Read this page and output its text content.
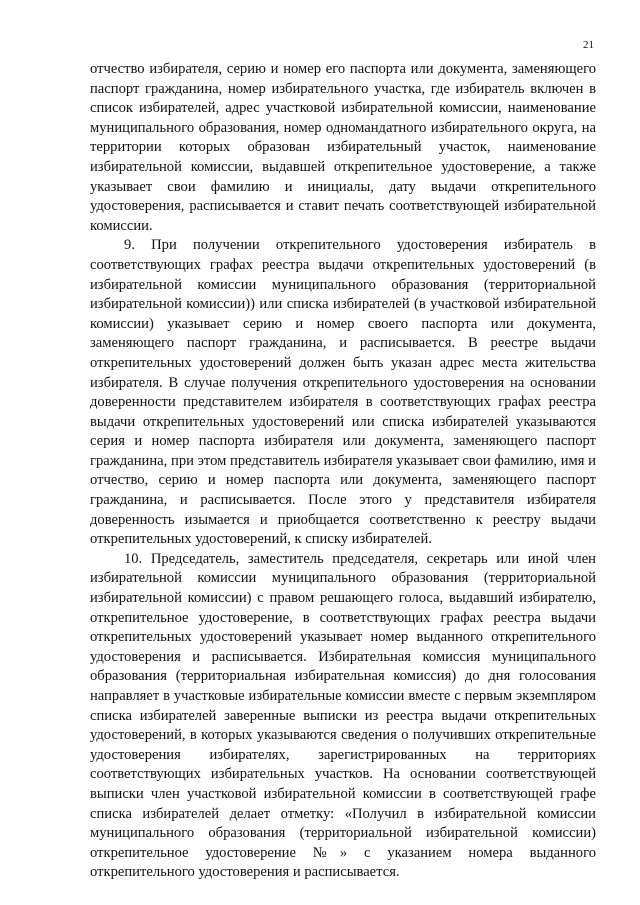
21

отчество избирателя, серию и номер его паспорта или документа, заменяющего паспорт гражданина, номер избирательного участка, где избиратель включен в список избирателей, адрес участковой избирательной комиссии, наименование муниципального образования, номер одномандатного избирательного округа, на территории которых образован избирательный участок, наименование избирательной комиссии, выдавшей открепительное удостоверение, а также указывает свои фамилию и инициалы, дату выдачи открепительного удостоверения, расписывается и ставит печать соответствующей избирательной комиссии.

9. При получении открепительного удостоверения избиратель в соответствующих графах реестра выдачи открепительных удостоверений (в избирательной комиссии муниципального образования (территориальной избирательной комиссии)) или списка избирателей (в участковой избирательной комиссии) указывает серию и номер своего паспорта или документа, заменяющего паспорт гражданина, и расписывается. В реестре выдачи открепительных удостоверений должен быть указан адрес места жительства избирателя. В случае получения открепительного удостоверения на основании доверенности представителем избирателя в соответствующих графах реестра выдачи открепительных удостоверений или списка избирателей указываются серия и номер паспорта избирателя или документа, заменяющего паспорт гражданина, при этом представитель избирателя указывает свои фамилию, имя и отчество, серию и номер паспорта или документа, заменяющего паспорт гражданина, и расписывается. После этого у представителя избирателя доверенность изымается и приобщается соответственно к реестру выдачи открепительных удостоверений, к списку избирателей.

10. Председатель, заместитель председателя, секретарь или иной член избирательной комиссии муниципального образования (территориальной избирательной комиссии) с правом решающего голоса, выдавший избирателю, открепительное удостоверение, в соответствующих графах реестра выдачи открепительных удостоверений указывает номер выданного открепительного удостоверения и расписывается. Избирательная комиссия муниципального образования (территориальная избирательная комиссия) до дня голосования направляет в участковые избирательные комиссии вместе с первым экземпляром списка избирателей заверенные выписки из реестра выдачи открепительных удостоверений, в которых указываются сведения о получивших открепительные удостоверения избирателях, зарегистрированных на территориях соответствующих избирательных участков. На основании соответствующей выписки член участковой избирательной комиссии в соответствующей графе списка избирателей делает отметку: «Получил в избирательной комиссии муниципального образования (территориальной избирательной комиссии) открепительное удостоверение №» с указанием номера выданного открепительного удостоверения и расписывается.
